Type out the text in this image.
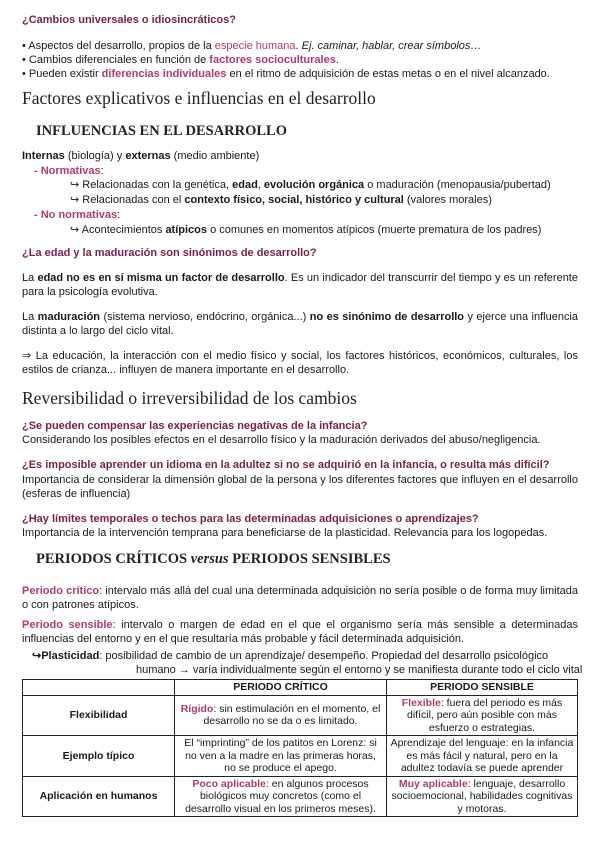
¿Cambios universales o idiosincráticos?
• Aspectos del desarrollo, propios de la especie humana. Ej. caminar, hablar, crear símbolos…
• Cambios diferenciales en función de factores socioculturales.
• Pueden existir diferencias individuales en el ritmo de adquisición de estas metas o en el nivel alcanzado.
Factores explicativos e influencias en el desarrollo
INFLUENCIAS EN EL DESARROLLO
Internas (biología) y externas (medio ambiente)
- Normativas:
↪ Relacionadas con la genética, edad, evolución orgánica o maduración (menopausia/pubertad)
↪ Relacionadas con el contexto físico, social, histórico y cultural (valores morales)
- No normativas:
↪ Acontecimientos atípicos o comunes en momentos atípicos (muerte prematura de los padres)
¿La edad y la maduración son sinónimos de desarrollo?
La edad no es en sí misma un factor de desarrollo. Es un indicador del transcurrir del tiempo y es un referente para la psicología evolutiva.
La maduración (sistema nervioso, endócrino, orgánica...) no es sinónimo de desarrollo y ejerce una influencia distinta a lo largo del ciclo vital.
⇒ La educación, la interacción con el medio físico y social, los factores históricos, económicos, culturales, los estilos de crianza... influyen de manera importante en el desarrollo.
Reversibilidad o irreversibilidad de los cambios
¿Se pueden compensar las experiencias negativas de la infancia?
Considerando los posibles efectos en el desarrollo físico y la maduración derivados del abuso/negligencia.
¿Es imposible aprender un idioma en la adultez si no se adquirió en la infancia, o resulta más difícil?
Importancia de considerar la dimensión global de la persona y los diferentes factores que influyen en el desarrollo (esferas de influencia)
¿Hay límites temporales o techos para las determinadas adquisiciones o aprendizajes?
Importancia de la intervención temprana para beneficiarse de la plasticidad. Relevancia para los logopedas.
PERIODOS CRÍTICOS versus PERIODOS SENSIBLES
Periodo crítico: intervalo más allá del cual una determinada adquisición no sería posible o de forma muy limitada o con patrones atípicos.
Periodo sensible: intervalo o margen de edad en el que el organismo sería más sensible a determinadas influencias del entorno y en el que resultaría más probable y fácil determinada adquisición.
↪Plasticidad: posibilidad de cambio de un aprendizaje/ desempeño. Propiedad del desarrollo psicológico
humano → varía individualmente según el entorno y se manifiesta durante todo el ciclo vital
	PERIODO CRÍTICO	PERIODO SENSIBLE
Flexibilidad	Rígido: sin estimulación en el momento, el desarrollo no se da o es limitado.	Flexible: fuera del periodo es más difícil, pero aún posible con más esfuerzo o estrategias.
Ejemplo típico	El “imprinting” de los patitos en Lorenz: si no ven a la madre en las primeras horas, no se produce el apego.	Aprendizaje del lenguaje: en la infancia es más fácil y natural, pero en la adultez todavía se puede aprender
Aplicación en humanos	Poco aplicable: en algunos procesos biológicos muy concretos (como el desarrollo visual en los primeros meses).	Muy aplicable: lenguaje, desarrollo socioemocional, habilidades cognitivas y motoras.
